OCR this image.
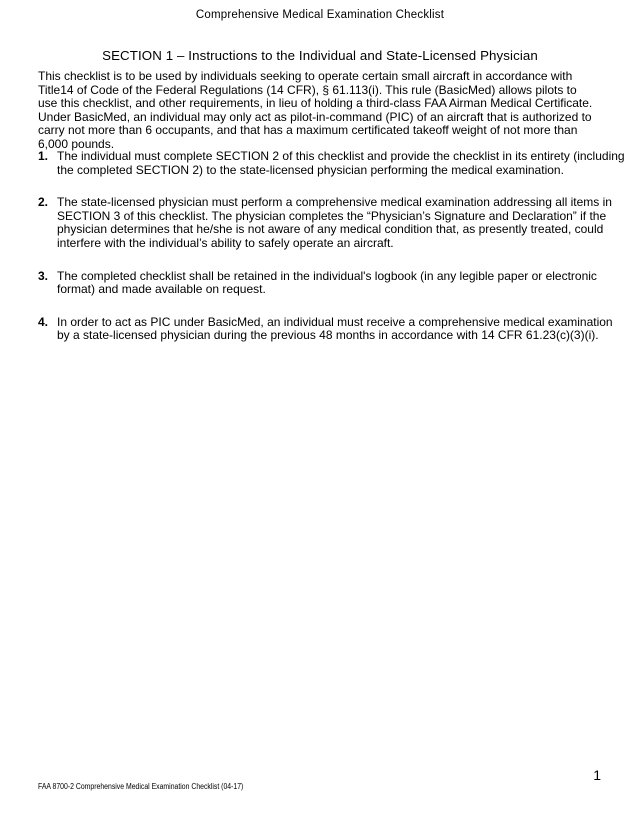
Comprehensive Medical Examination Checklist
SECTION 1 – Instructions to the Individual and State-Licensed Physician
This checklist is to be used by individuals seeking to operate certain small aircraft in accordance with
Title14 of Code of the Federal Regulations (14 CFR), § 61.113(i). This rule (BasicMed) allows pilots to
use this checklist, and other requirements, in lieu of holding a third-class FAA Airman Medical Certificate.
Under BasicMed, an individual may only act as pilot-in-command (PIC) of an aircraft that is authorized to
carry not more than 6 occupants, and that has a maximum certificated takeoff weight of not more than
6,000 pounds.
1. The individual must complete SECTION 2 of this checklist and provide the checklist in its entirety (including
the completed SECTION 2) to the state-licensed physician performing the medical examination.
2. The state-licensed physician must perform a comprehensive medical examination addressing all items in
SECTION 3 of this checklist. The physician completes the “Physician’s Signature and Declaration” if the
physician determines that he/she is not aware of any medical condition that, as presently treated, could
interfere with the individual’s ability to safely operate an aircraft.
3. The completed checklist shall be retained in the individual's logbook (in any legible paper or electronic
format) and made available on request.
4. In order to act as PIC under BasicMed, an individual must receive a comprehensive medical examination
by a state-licensed physician during the previous 48 months in accordance with 14 CFR 61.23(c)(3)(i).
1
FAA 8700-2 Comprehensive Medical Examination Checklist (04-17)
